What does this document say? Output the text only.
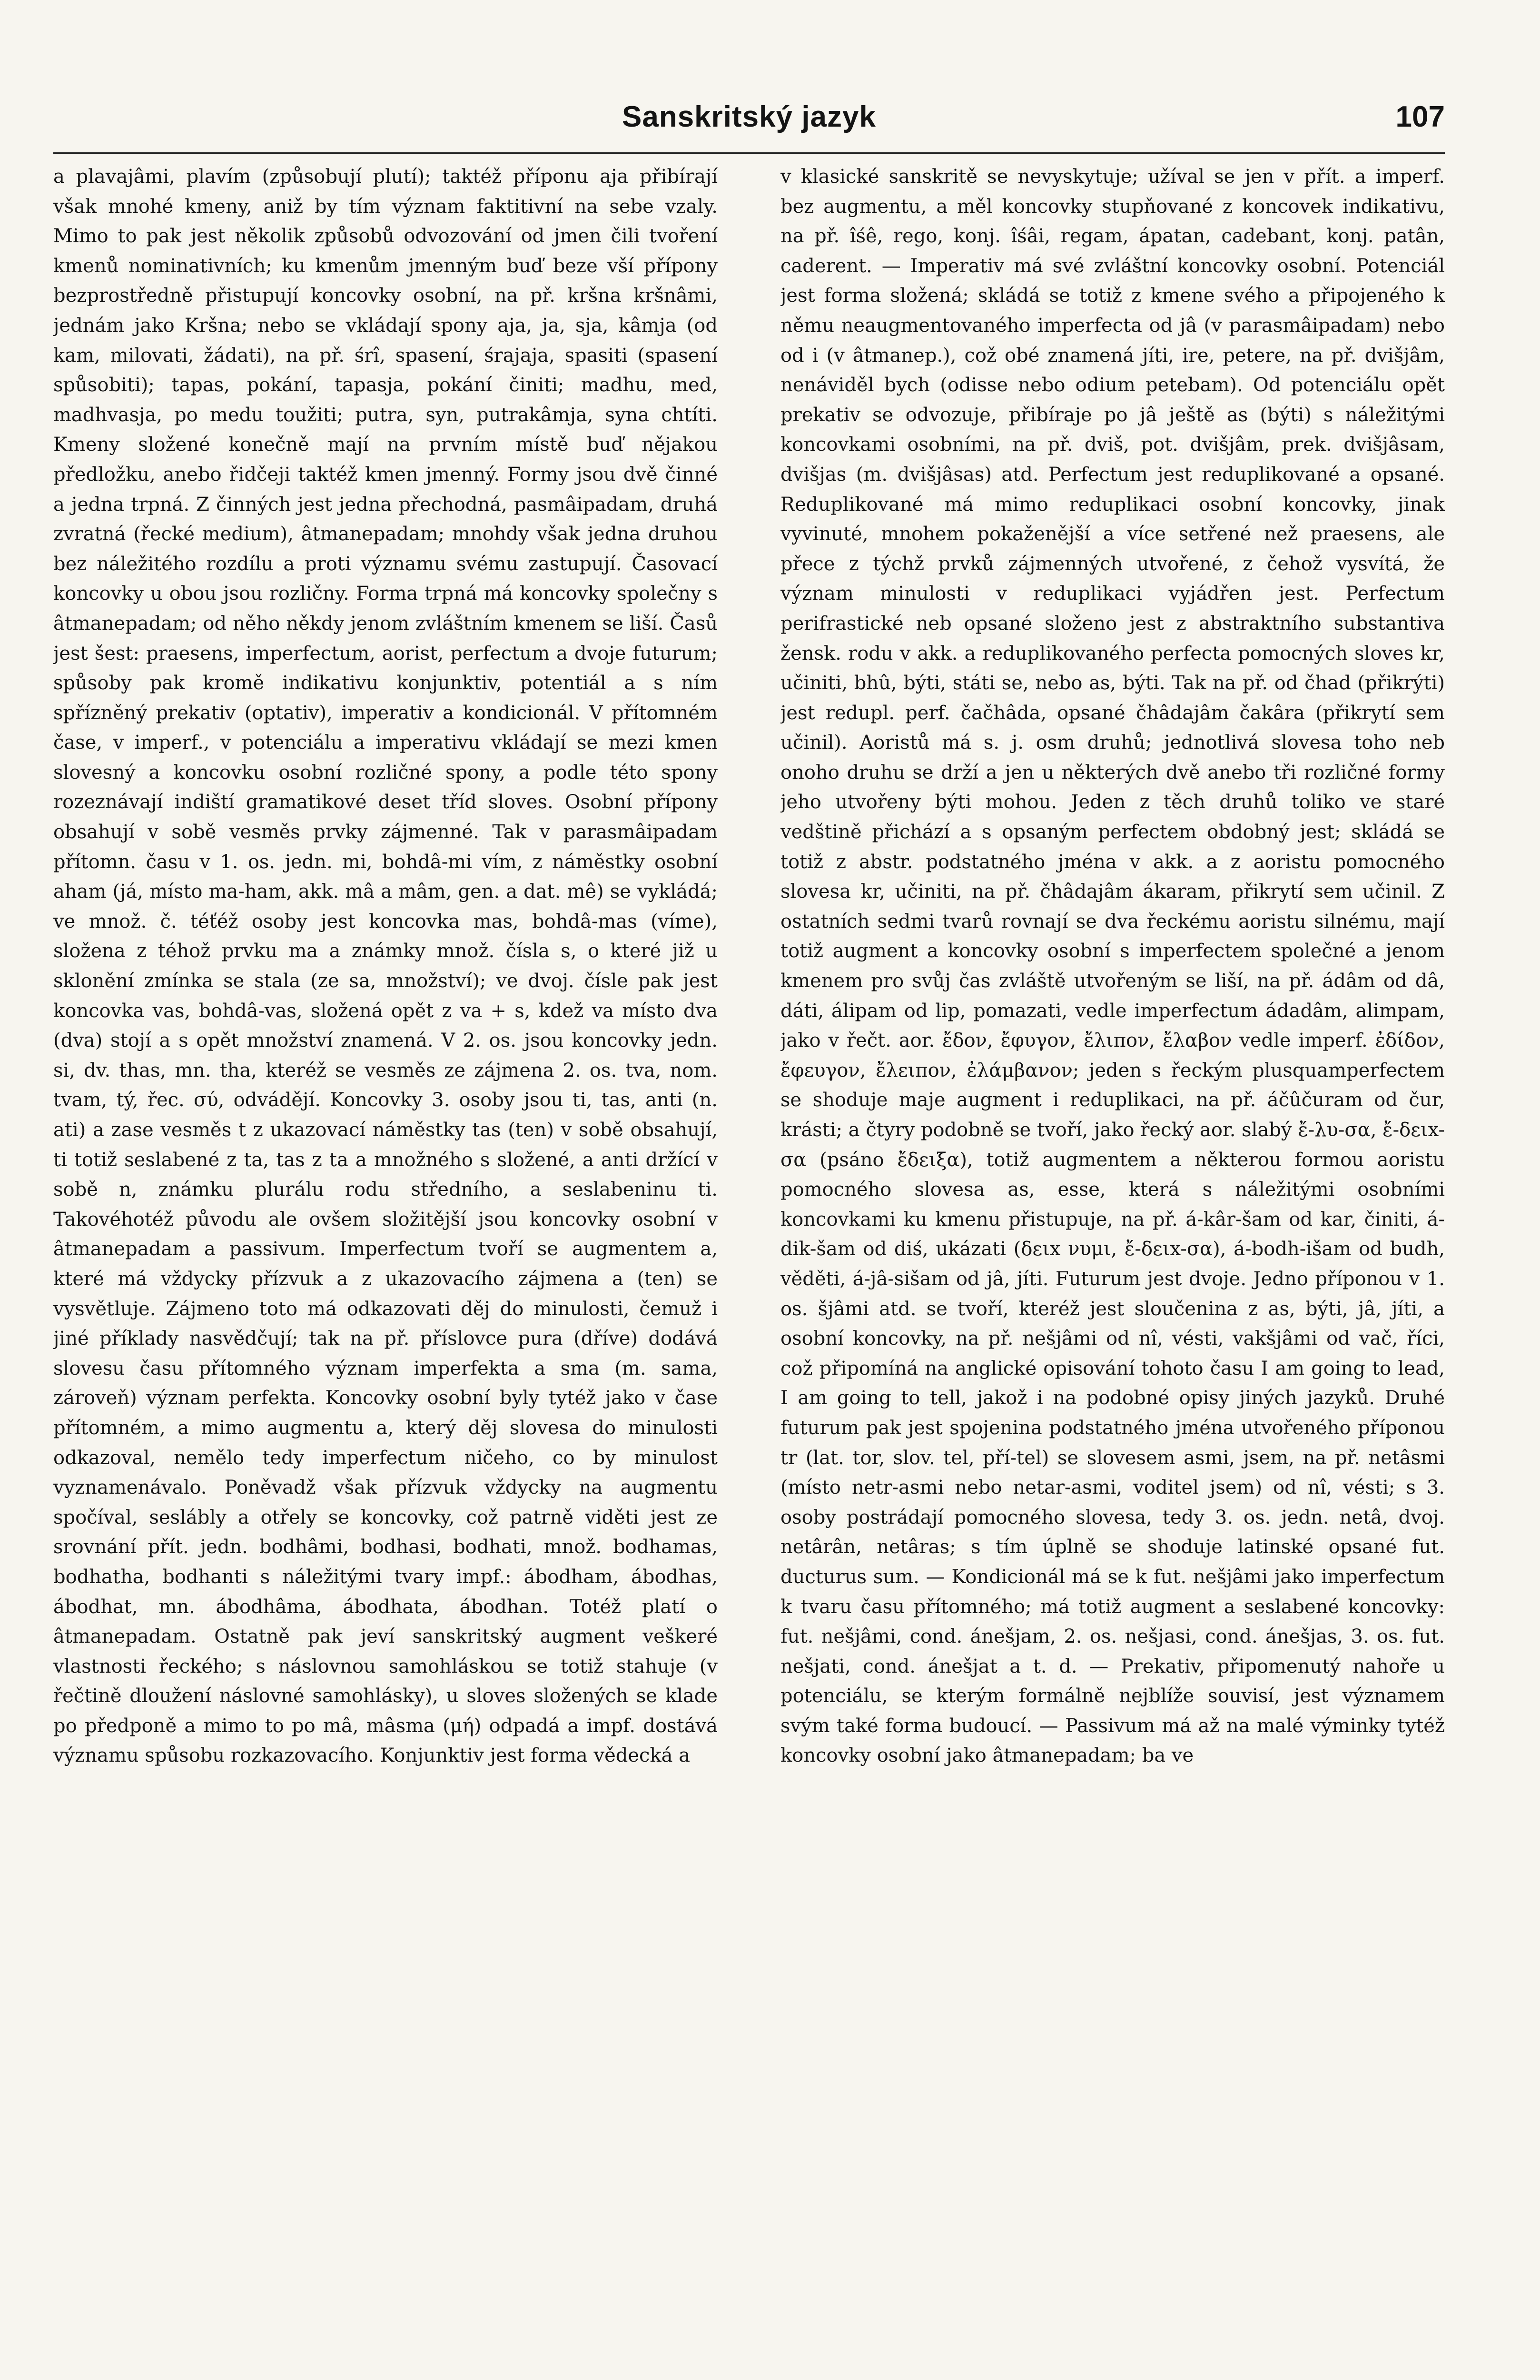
Sanskritský jazyk	107

a plavajâmi, plavím (způsobují plutí); taktéž příponu aja přibírají však mnohé kmeny, aniž by tím význam faktitivní na sebe vzaly. Mimo to pak jest několik způsobů odvozování od jmen čili tvoření kmenů nominativních; ku kmenům jmenným buď beze vší přípony bezprostředně přistupují koncovky osobní, na př. kršna kršnâmi, jednám jako Kršna; nebo se vkládají spony aja, ja, sja, kâmja (od kam, milovati, žádati), na př. śrî, spasení, śrajaja, spasiti (spasení spůsobiti); tapas, pokání, tapasja, pokání činiti; madhu, med, madhvasja, po medu toužiti; putra, syn, putrakâmja, syna chtíti. Kmeny složené konečně mají na prvním místě buď nějakou předložku, anebo řidčeji taktéž kmen jmenný. Formy jsou dvě činné a jedna trpná. Z činných jest jedna přechodná, pasmâipadam, druhá zvratná (řecké medium), âtmanepadam; mnohdy však jedna druhou bez náležitého rozdílu a proti významu svému zastupují. Časovací koncovky u obou jsou rozličny. Forma trpná má koncovky společny s âtmanepadam; od něho někdy jenom zvláštním kmenem se liší. Časů jest šest: praesens, imperfectum, aorist, perfectum a dvoje futurum; spůsoby pak kromě indikativu konjunktiv, potentiál a s ním spřízněný prekativ (optativ), imperativ a kondicionál. V přítomném čase, v imperf., v potenciálu a imperativu vkládají se mezi kmen slovesný a koncovku osobní rozličné spony, a podle této spony rozeznávají indiští gramatikové deset tříd sloves. Osobní přípony obsahují v sobě vesměs prvky zájmenné. Tak v parasmâipadam přítomn. času v 1. os. jedn. mi, bohdâ-mi vím, z náměstky osobní aham (já, místo ma-ham, akk. mâ a mâm, gen. a dat. mê) se vykládá; ve množ. č. téťéž osoby jest koncovka mas, bohdâ-mas (víme), složena z téhož prvku ma a známky množ. čísla s, o které již u sklonění zmínka se stala (ze sa, množství); ve dvoj. čísle pak jest koncovka vas, bohdâ-vas, složená opět z va + s, kdež va místo dva (dva) stojí a s opět množství znamená. V 2. os. jsou koncovky jedn. si, dv. thas, mn. tha, kteréž se vesměs ze zájmena 2. os. tva, nom. tvam, tý, řec. σύ, odvádějí. Koncovky 3. osoby jsou ti, tas, anti (n. ati) a zase vesměs t z ukazovací náměstky tas (ten) v sobě obsahují, ti totiž seslabené z ta, tas z ta a množného s složené, a anti držící v sobě n, známku plurálu rodu středního, a seslabeninu ti. Takovéhotéž původu ale ovšem složitější jsou koncovky osobní v âtmanepadam a passivum. Imperfectum tvoří se augmentem a, které má vždycky přízvuk a z ukazovacího zájmena a (ten) se vysvětluje. Zájmeno toto má odkazovati děj do minulosti, čemuž i jiné příklady nasvědčují; tak na př. příslovce pura (dříve) dodává slovesu času přítomného význam imperfekta a sma (m. sama, zároveň) význam perfekta. Koncovky osobní byly tytéž jako v čase přítomném, a mimo augmentu a, který děj slovesa do minulosti odkazoval, nemělo tedy imperfectum ničeho, co by minulost vyznamenávalo. Poněvadž však přízvuk vždycky na augmentu spočíval, seslábly a otřely se koncovky, což patrně viděti jest ze srovnání přít. jedn. bodhâmi, bodhasi, bodhati, množ. bodhamas, bodhatha, bodhanti s náležitými tvary impf.: ábodham, ábodhas, ábodhat, mn. ábodhâma, ábodhata, ábodhan. Totéž platí o âtmanepadam. Ostatně pak jeví sanskritský augment veškeré vlastnosti řeckého; s náslovnou samohláskou se totiž stahuje (v řečtině dloužení náslovné samohlásky), u sloves složených se klade po předponě a mimo to po mâ, mâsma (μή) odpadá a impf. dostává významu spůsobu rozkazovacího. Konjunktiv jest forma vědecká a

v klasické sanskritě se nevyskytuje; užíval se jen v přít. a imperf. bez augmentu, a měl koncovky stupňované z koncovek indikativu, na př. îśê, rego, konj. îśâi, regam, ápatan, cadebant, konj. patân, caderent. — Imperativ má své zvláštní koncovky osobní. Potenciál jest forma složená; skládá se totiž z kmene svého a připojeného k němu neaugmentovaného imperfecta od jâ (v parasmâipadam) nebo od i (v âtmanep.), což obé znamená jíti, ire, petere, na př. dvišjâm, nenáviděl bych (odisse nebo odium petebam). Od potenciálu opět prekativ se odvozuje, přibíraje po jâ ještě as (býti) s náležitými koncovkami osobními, na př. dviš, pot. dvišjâm, prek. dvišjâsam, dvišjas (m. dvišjâsas) atd. Perfectum jest reduplikované a opsané. Reduplikované má mimo reduplikaci osobní koncovky, jinak vyvinuté, mnohem pokaženější a více setřené než praesens, ale přece z týchž prvků zájmenných utvořené, z čehož vysvítá, že význam minulosti v reduplikaci vyjádřen jest. Perfectum perifrastické neb opsané složeno jest z abstraktního substantiva žensk. rodu v akk. a reduplikovaného perfecta pomocných sloves kr, učiniti, bhû, býti, státi se, nebo as, býti. Tak na př. od čhad (přikrýti) jest redupl. perf. čačhâda, opsané čhâdajâm čakâra (přikrytí sem učinil). Aoristů má s. j. osm druhů; jednotlivá slovesa toho neb onoho druhu se drží a jen u některých dvě anebo tři rozličné formy jeho utvořeny býti mohou. Jeden z těch druhů toliko ve staré vedštině přichází a s opsaným perfectem obdobný jest; skládá se totiž z abstr. podstatného jména v akk. a z aoristu pomocného slovesa kr, učiniti, na př. čhâdajâm ákaram, přikrytí sem učinil. Z ostatních sedmi tvarů rovnají se dva řeckému aoristu silnému, mají totiž augment a koncovky osobní s imperfectem společné a jenom kmenem pro svůj čas zvláště utvořeným se liší, na př. ádâm od dâ, dáti, álipam od lip, pomazati, vedle imperfectum ádadâm, alimpam, jako v řečt. aor. ἔδον, ἔφυγον, ἔλιπον, ἔλαβον vedle imperf. ἐδίδον, ἔφευγον, ἔλειπον, ἐλάμβανον; jeden s řeckým plusquamperfectem se shoduje maje augment i reduplikaci, na př. áčûčuram od čur, krásti; a čtyry podobně se tvoří, jako řecký aor. slabý ἔ-λυ-σα, ἔ-δειx-σα (psáno ἔδειξα), totiž augmentem a některou formou aoristu pomocného slovesa as, esse, která s náležitými osobními koncovkami ku kmenu přistupuje, na př. á-kâr-šam od kar, činiti, á-dik-šam od diś, ukázati (δειx νυμι, ἔ-δειx-σα), á-bodh-išam od budh, věděti, á-jâ-sišam od jâ, jíti. Futurum jest dvoje. Jedno příponou v 1. os. šjâmi atd. se tvoří, kteréž jest sloučenina z as, býti, jâ, jíti, a osobní koncovky, na př. nešjâmi od nî, vésti, vakšjâmi od vač, říci, což připomíná na anglické opisování tohoto času I am going to lead, I am going to tell, jakož i na podobné opisy jiných jazyků. Druhé futurum pak jest spojenina podstatného jména utvořeného příponou tr (lat. tor, slov. tel, pří-tel) se slovesem asmi, jsem, na př. netâsmi (místo netr-asmi nebo netar-asmi, voditel jsem) od nî, vésti; s 3. osoby postrádají pomocného slovesa, tedy 3. os. jedn. netâ, dvoj. netârân, netâras; s tím úplně se shoduje latinské opsané fut. ducturus sum. — Kondicionál má se k fut. nešjâmi jako imperfectum k tvaru času přítomného; má totiž augment a seslabené koncovky: fut. nešjâmi, cond. ánešjam, 2. os. nešjasi, cond. ánešjas, 3. os. fut. nešjati, cond. ánešjat a t. d. — Prekativ, připomenutý nahoře u potenciálu, se kterým formálně nejblíže souvisí, jest významem svým také forma budoucí. — Passivum má až na malé výminky tytéž koncovky osobní jako âtmanepadam; ba ve
